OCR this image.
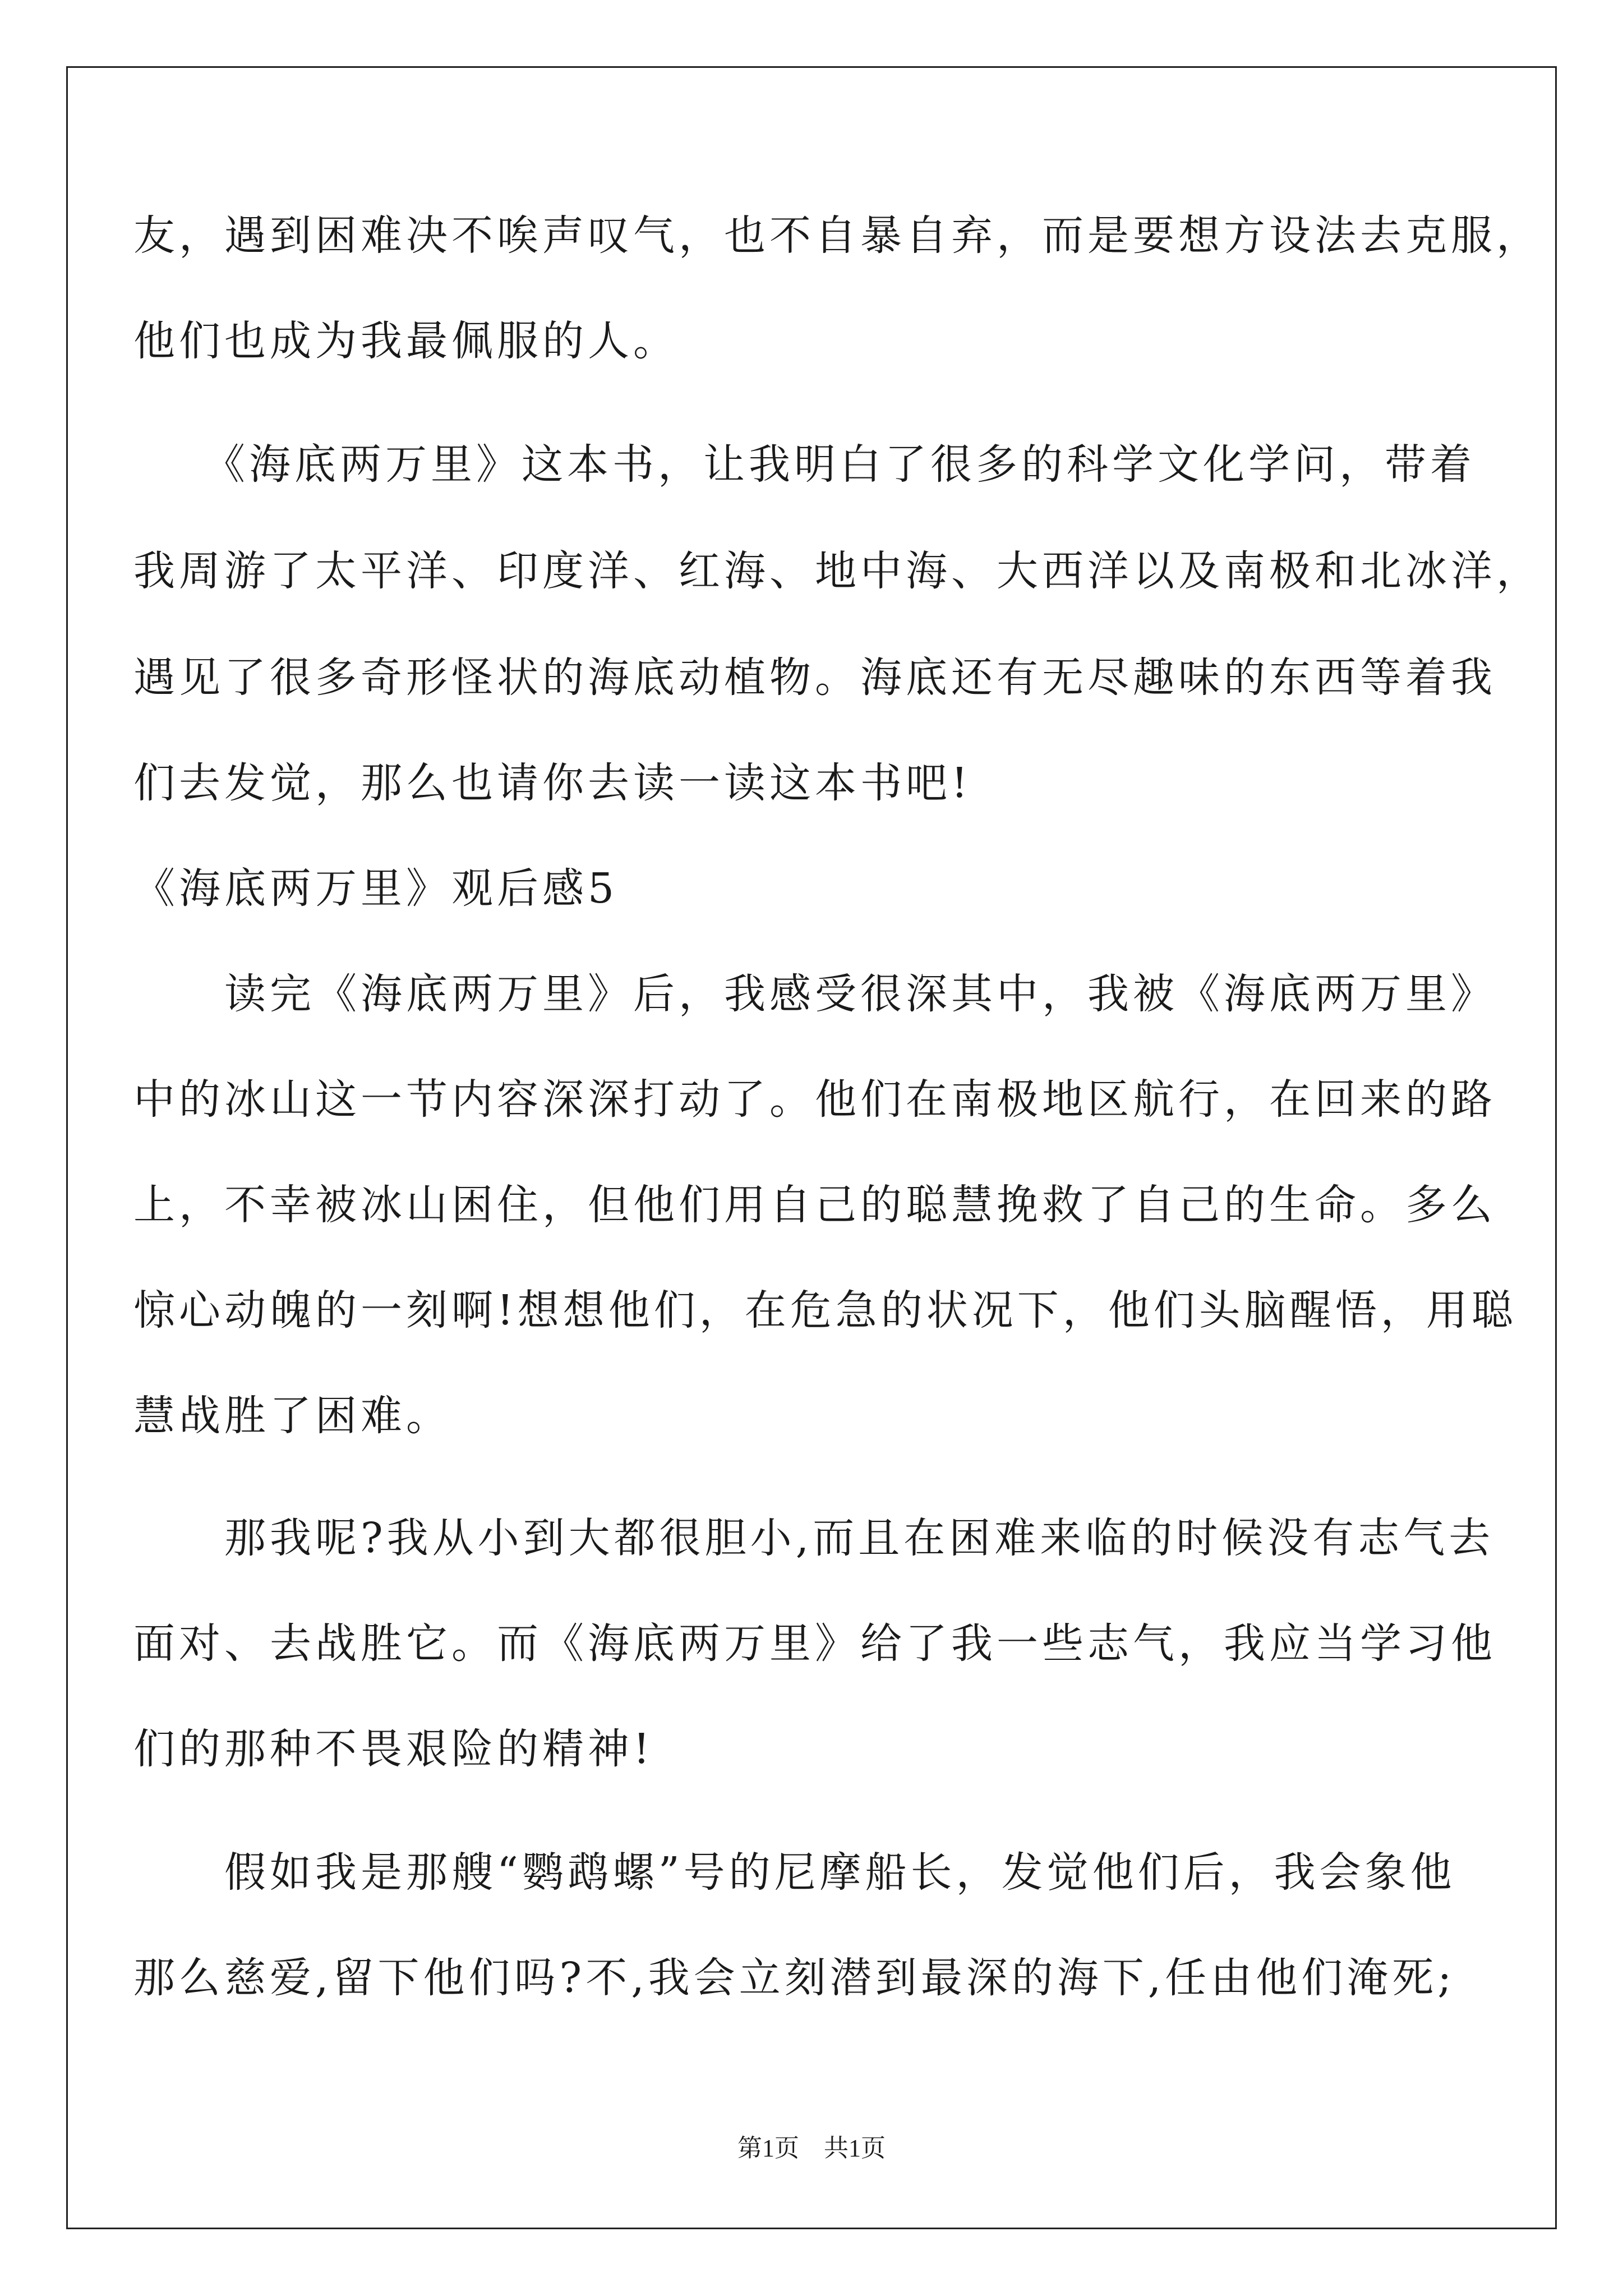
友，遇到困难决不唉声叹气，也不自暴自弃，而是要想方设法去克服，
他们也成为我最佩服的人。
　　《海底两万里》这本书，让我明白了很多的科学文化学问，带着
我周游了太平洋、印度洋、红海、地中海、大西洋以及南极和北冰洋，
遇见了很多奇形怪状的海底动植物。海底还有无尽趣味的东西等着我
们去发觉，那么也请你去读一读这本书吧!
《海底两万里》观后感5
　　读完《海底两万里》后，我感受很深其中，我被《海底两万里》
中的冰山这一节内容深深打动了。他们在南极地区航行，在回来的路
上，不幸被冰山困住，但他们用自己的聪慧挽救了自己的生命。多么
惊心动魄的一刻啊!想想他们，在危急的状况下，他们头脑醒悟，用聪
慧战胜了困难。
　　那我呢?我从小到大都很胆小,而且在困难来临的时候没有志气去
面对、去战胜它。而《海底两万里》给了我一些志气，我应当学习他
们的那种不畏艰险的精神!
　　假如我是那艘“鹦鹉螺”号的尼摩船长，发觉他们后，我会象他
那么慈爱,留下他们吗?不,我会立刻潜到最深的海下,任由他们淹死;
第1页　共1页
